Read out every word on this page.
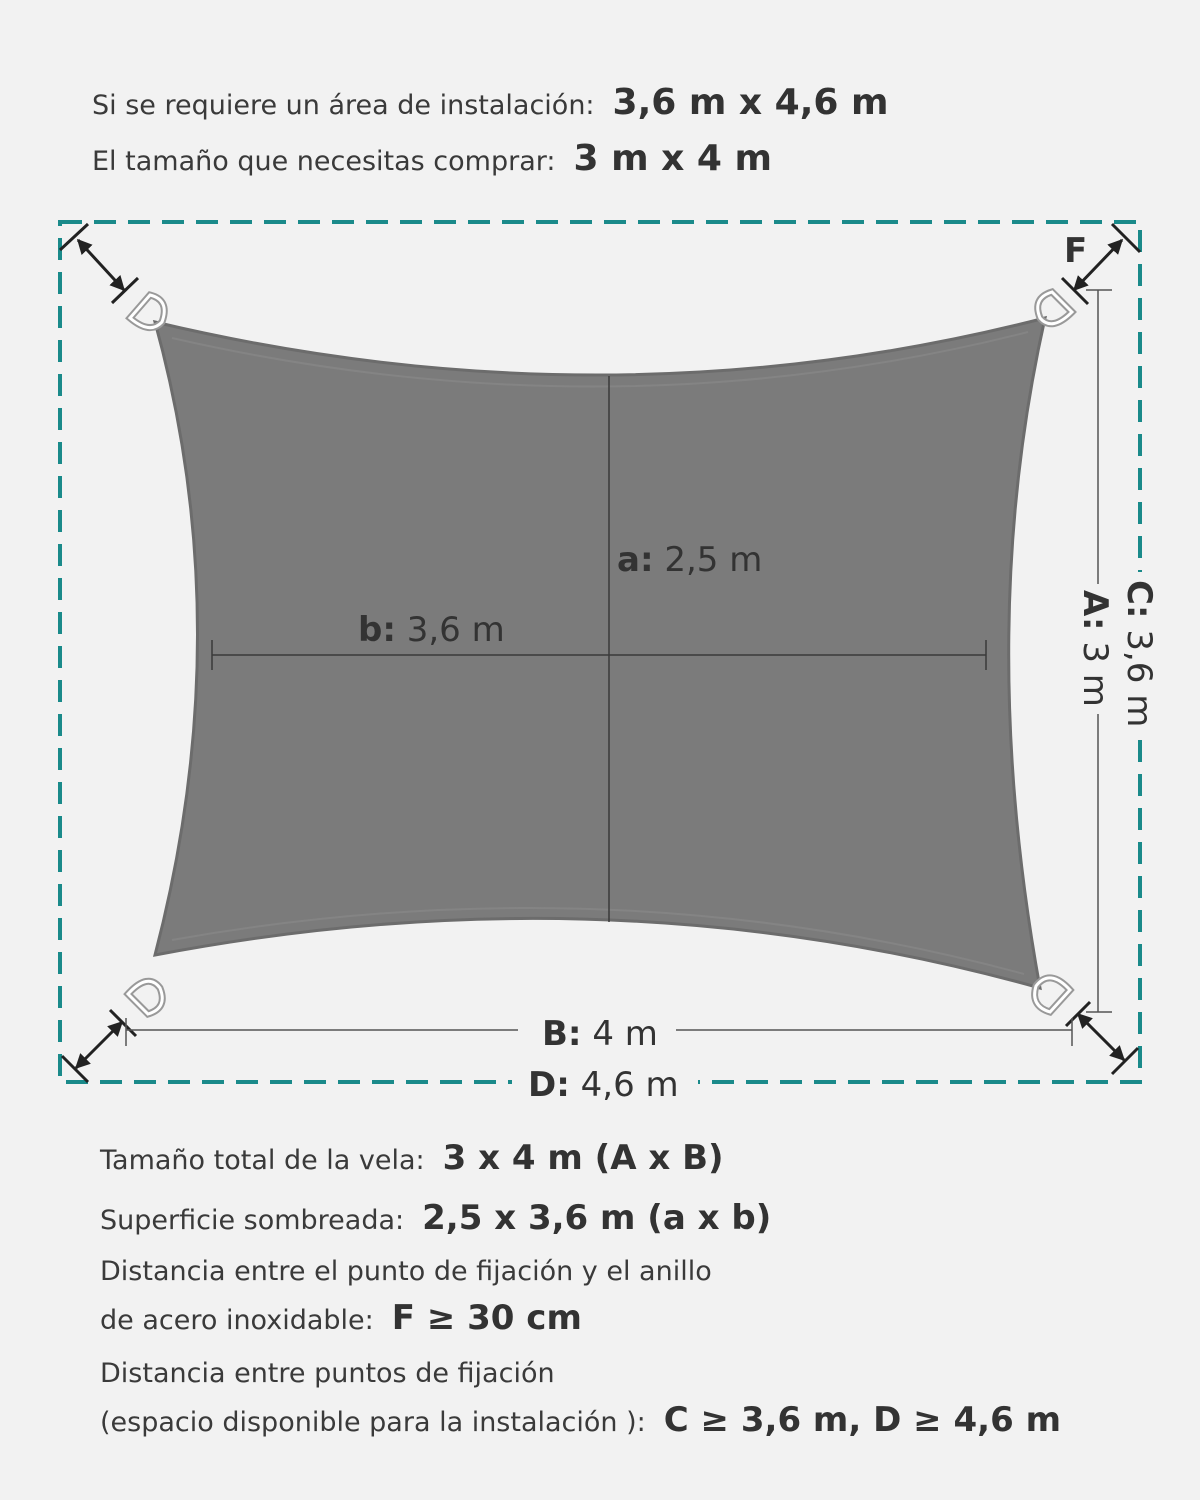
Si se requiere un área de instalación: 3,6 m x 4,6 m
El tamaño que necesitas comprar: 3 m x 4 m
a: 2,5 m
b: 3,6 m
F
B: 4 m
D: 4,6 m
A: 3 m
C: 3,6 m
Tamaño total de la vela: 3 x 4 m (A x B)
Superficie sombreada: 2,5 x 3,6 m (a x b)
Distancia entre el punto de fijación y el anillo
de acero inoxidable: F ≥ 30 cm
Distancia entre puntos de fijación
(espacio disponible para la instalación ): C ≥ 3,6 m, D ≥ 4,6 m
